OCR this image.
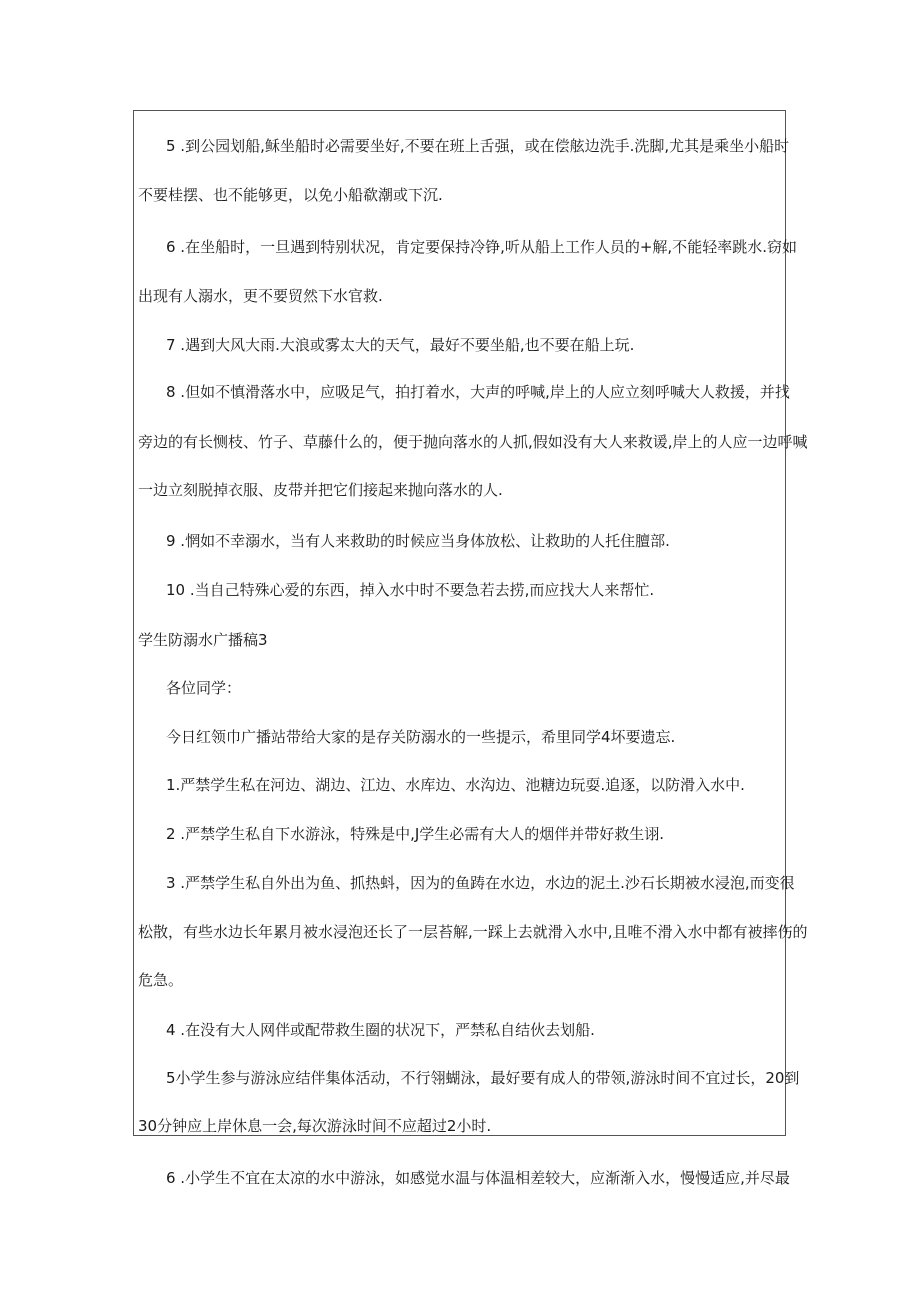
5 .到公园划船,稣坐船时必需要坐好,不要在班上舌强，或在偿舷边洗手.洗脚,尤其是乘坐小船时
不要桂摆、也不能够更，以免小船欷潮或下沉.
6 .在坐船时，一旦遇到特别状况，肯定要保持冷铮,听从船上工作人员的+解,不能轻率跳水.窃如
出现有人溺水，更不要贸然下水官救.
7 .遇到大风大雨.大浪或雾太大的天气，最好不要坐船,也不要在船上玩.
8 .但如不慎滑落水中，应吸足气，拍打着水，大声的呼喊,岸上的人应立刻呼喊大人救援，并找
旁边的有长恻枝、竹子、草藤什么的，便于抛向落水的人抓,假如没有大人来救谖,岸上的人应一边呼喊
一边立刻脱掉衣服、皮带并把它们接起来抛向落水的人.
9 .惘如不幸溺水，当有人来救助的时候应当身体放松、让救助的人托住膻部.
10 .当自己特殊心爱的东西，掉入水中时不要急若去捞,而应找大人来帮忙.
学生防溺水广播稿3
各位同学：
今日红领巾广播站带给大家的是存关防溺水的一些提示，希里同学4坏要遗忘.
1.严禁学生私在河边、湖边、江边、水库边、水沟边、池糖边玩耍.追逐，以防滑入水中.
2 .严禁学生私自下水游泳，特殊是中,J学生必需有大人的烟伴并带好救生诩.
3 .严禁学生私自外出为鱼、抓热蚪，因为的鱼踌在水边，水边的泥土.沙石长期被水浸泡,而变很
松散，有些水边长年累月被水浸泡还长了一层苔解,一踩上去就滑入水中,且唯不滑入水中都有被摔伤的
危急。
4 .在没有大人网伴或配带救生圈的状况下，严禁私自结伙去划船.
5小学生参与游泳应结伴集体活动，不行翎蝴泳，最好要有成人的带领,游泳时间不宜过长，20到
30分钟应上岸休息一会,每次游泳时间不应超过2小时.
6 .小学生不宜在太凉的水中游泳，如感觉水温与体温相差较大，应渐渐入水，慢慢适应,并尽最
